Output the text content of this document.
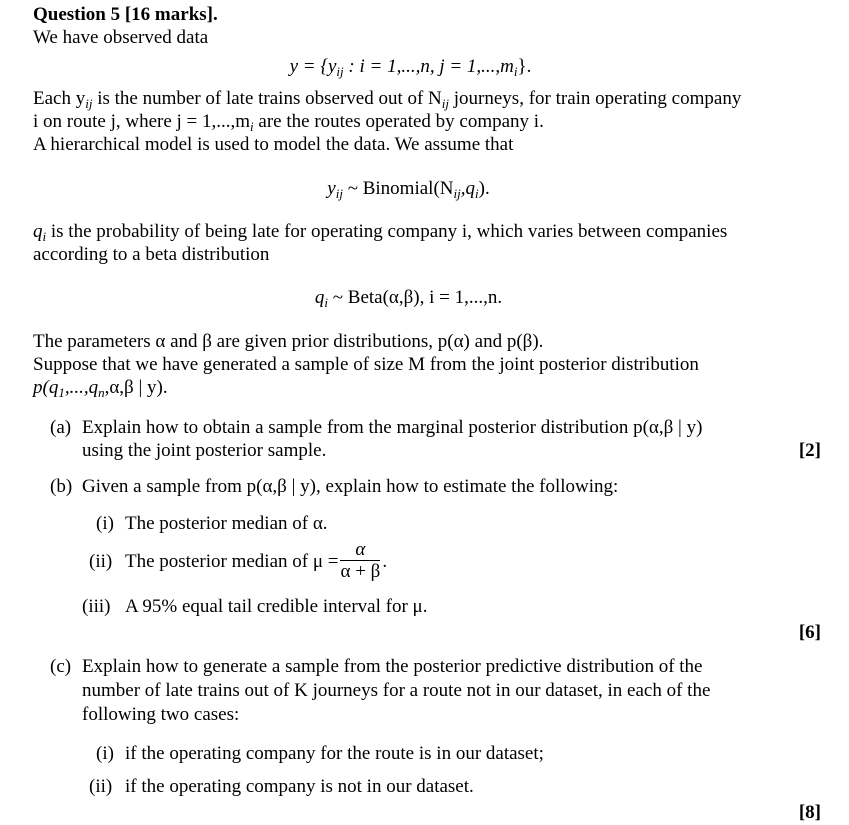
Question 5 [16 marks].
We have observed data
$y = \{y_{ij}$ : i = 1,...,n, $j = 1,...,m_i$}.
Each $y_{ij}$ is the number of late trains observed out of $N_{ij}$ journeys, for train operating company
i on route j, where $j = 1,...,m_i$ are the routes operated by company i.
A hierarchical model is used to model the data. We assume that
$y_{ij}$ ~ $Binomial(N_{ij},q_i)$.
$q_i$ is the probability of being late for operating company i, which varies between companies
according to a beta distribution
$q_i$ ~ Beta(α,β), i = 1,...,n.
The parameters α and β are given prior distributions, p(α) and p(β).
Suppose that we have generated a sample of size M from the joint posterior distribution
$p(q_1,...,q_n,\alpha,\beta$ | y).
(a) Explain how to obtain a sample from the marginal posterior distribution p(α,β | y)
using the joint posterior sample.	[2]
(b) Given a sample from p(α,β | y), explain how to estimate the following:
(i) The posterior median of α.
(ii) The posterior median of $\mu = \frac{\alpha}{\alpha + \beta}$ .
(iii) A 95% equal tail credible interval for μ.
[6]
(c) Explain how to generate a sample from the posterior predictive distribution of the
number of late trains out of K journeys for a route not in our dataset, in each of the
following two cases:
(i) if the operating company for the route is in our dataset;
(ii) if the operating company is not in our dataset.
[8]
